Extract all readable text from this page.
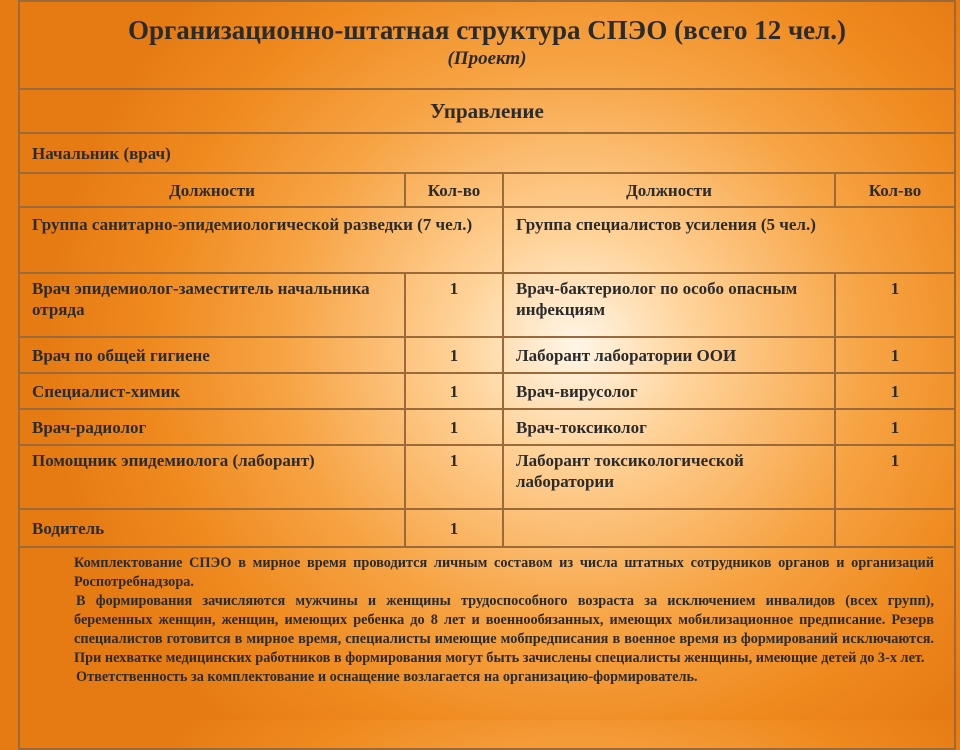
Организационно-штатная структура СПЭО (всего 12 чел.)
(Проект)			

Управление			
Начальник (врач)			
Должности	Кол-во	Должности	Кол-во
Группа санитарно-эпидемиологической разведки (7 чел.)		Группа специалистов усиления (5 чел.)	
Врач эпидемиолог-заместитель начальника отряда	1	Врач-бактериолог по особо опасным инфекциям	1
Врач по общей гигиене	1	Лаборант лаборатории ООИ	1
Специалист-химик	1	Врач-вирусолог	1
Врач-радиолог	1	Врач-токсиколог	1
Помощник эпидемиолога (лаборант)	1	Лаборант токсикологической лаборатории	1
Водитель	1		

Комплектование СПЭО в мирное время проводится личным составом из числа штатных сотрудников органов и организаций Роспотребнадзора.

В формирования зачисляются мужчины и женщины трудоспособного возраста за исключением инвалидов (всех групп), беременных женщин, женщин, имеющих ребенка до 8 лет и военнообязанных, имеющих мобилизационное предписание. Резерв специалистов готовится в мирное время, специалисты имеющие мобпредписания в военное время из формирований исключаются. При нехватке медицинских работников в формирования могут быть зачислены специалисты женщины, имеющие детей до 3-х лет.

Ответственность за комплектование и оснащение возлагается на организацию-формирователь.			
